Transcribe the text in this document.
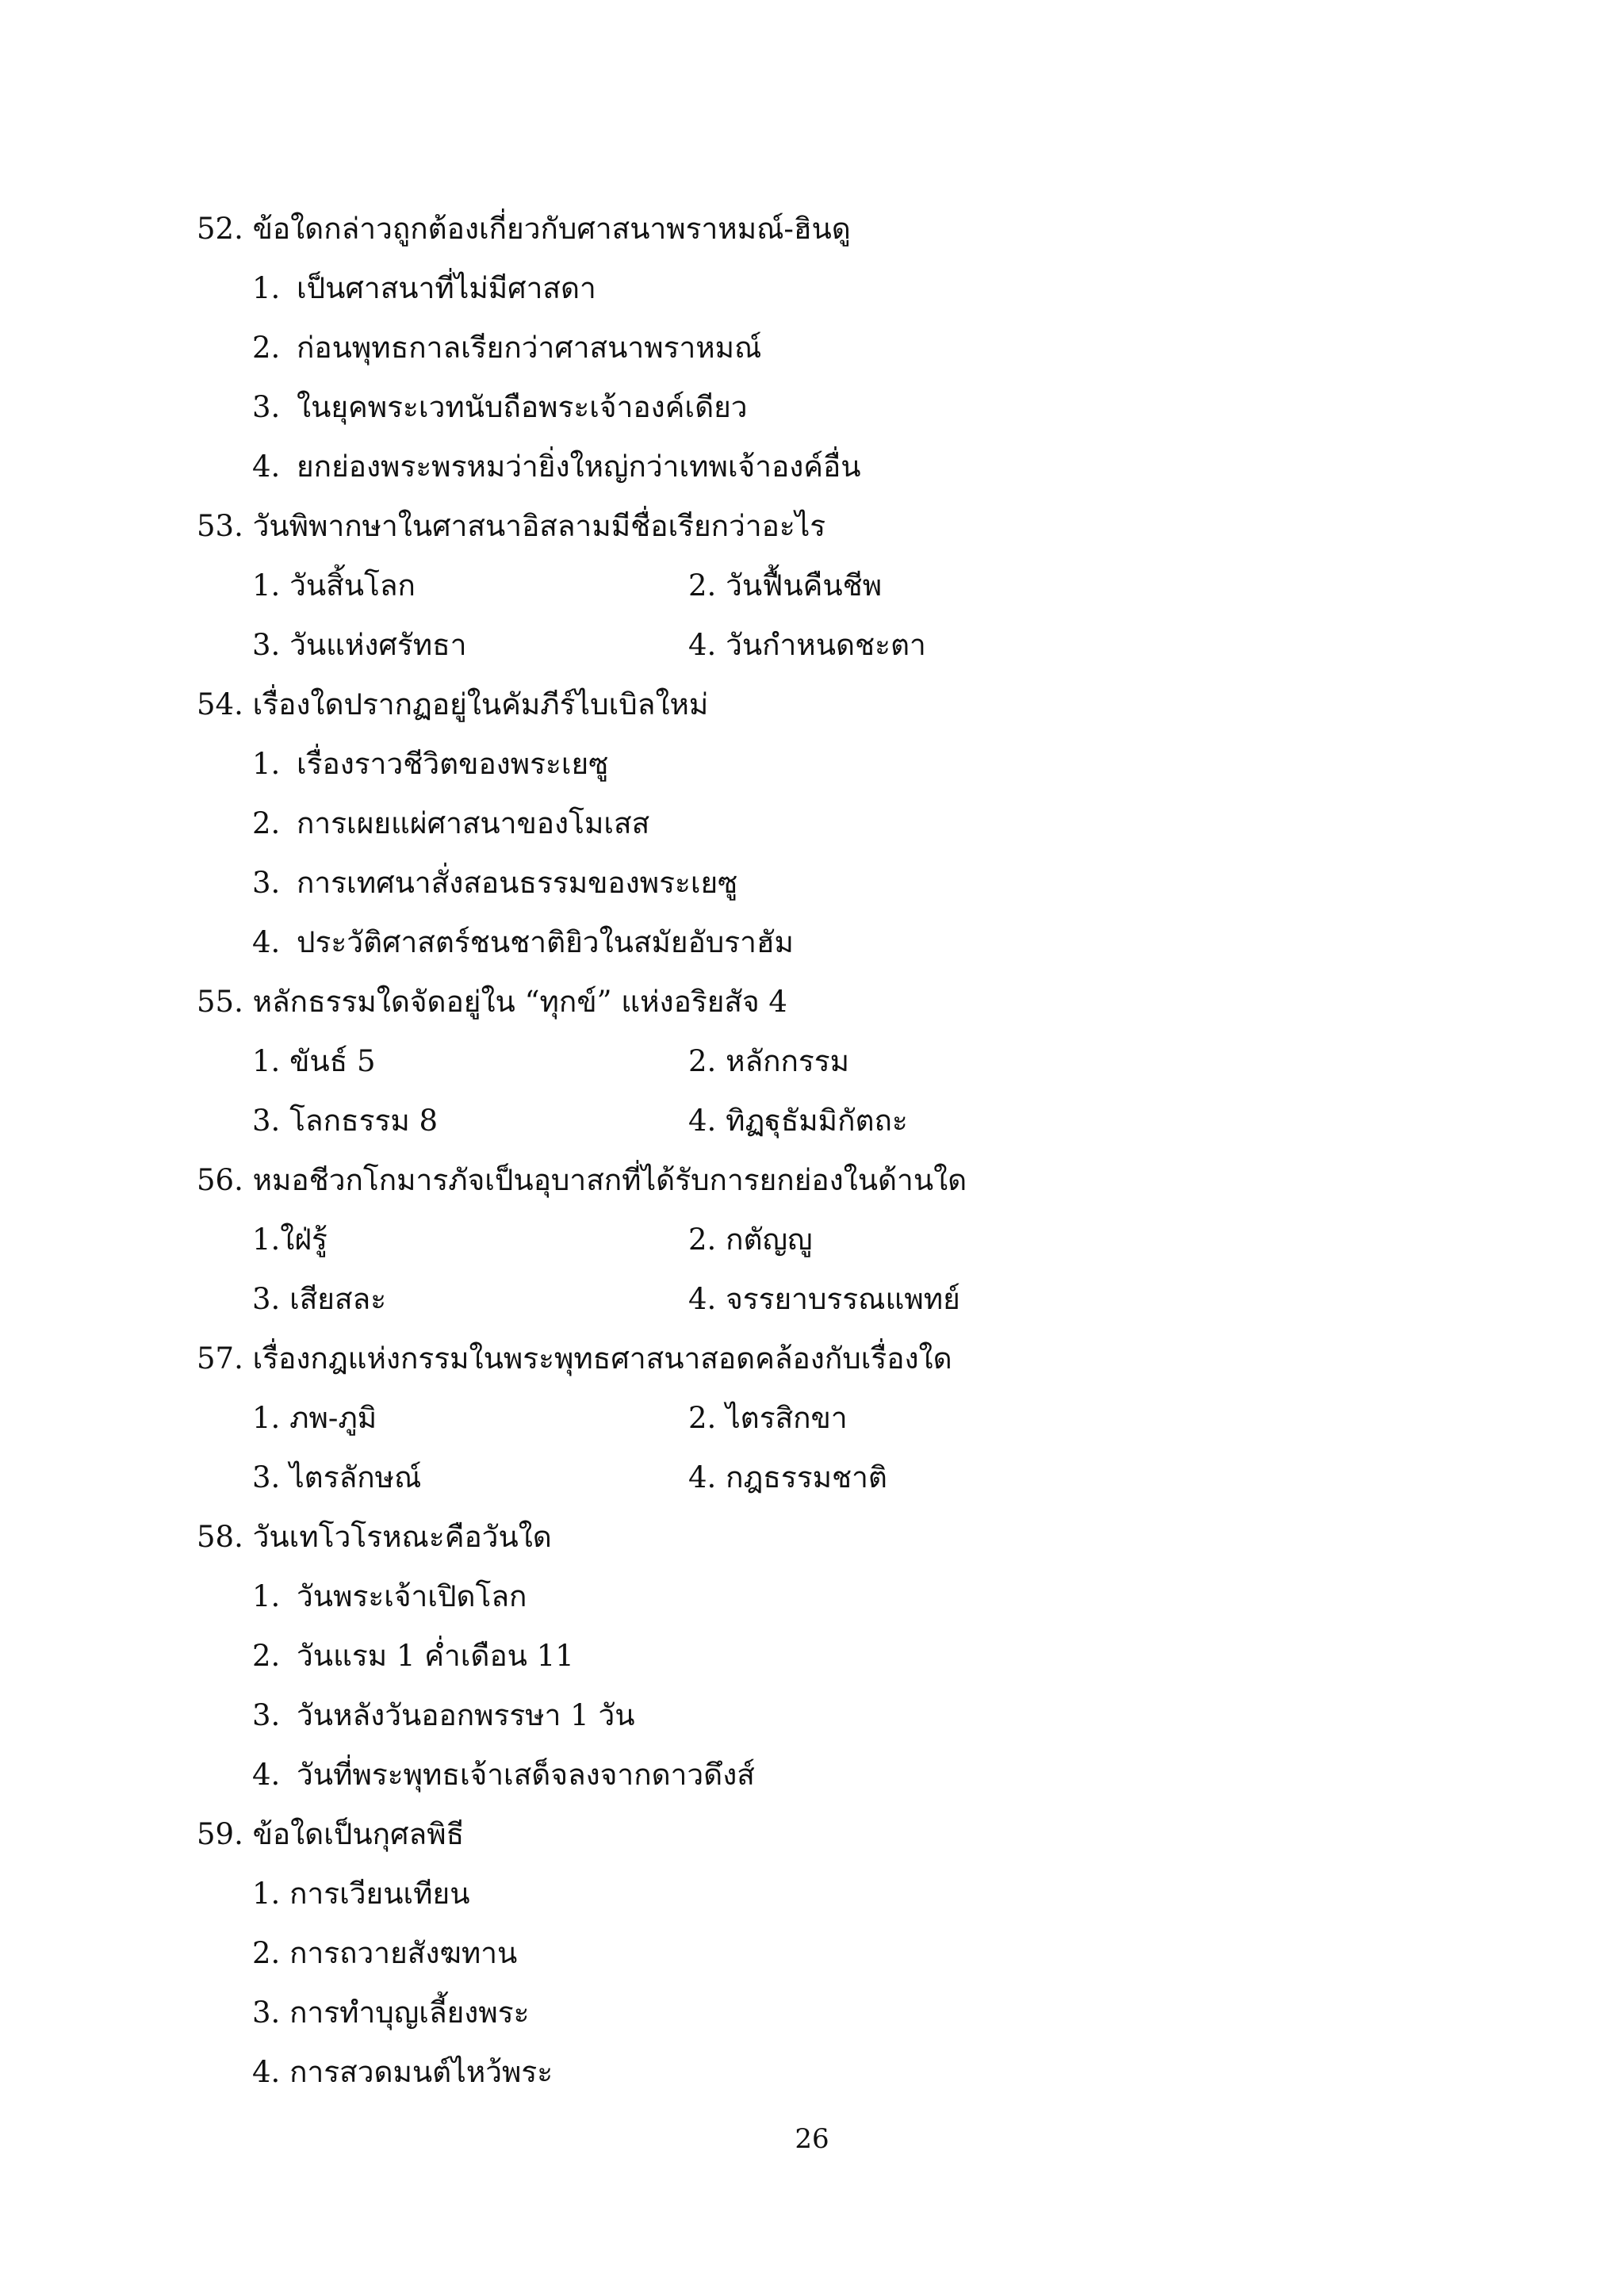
52. ข้อใดกล่าวถูกต้องเกี่ยวกับศาสนาพราหมณ์-ฮินดู
1. เป็นศาสนาที่ไม่มีศาสดา
2. ก่อนพุทธกาลเรียกว่าศาสนาพราหมณ์
3. ในยุคพระเวทนับถือพระเจ้าองค์เดียว
4. ยกย่องพระพรหมว่ายิ่งใหญ่กว่าเทพเจ้าองค์อื่น
53. วันพิพากษาในศาสนาอิสลามมีชื่อเรียกว่าอะไร
1. วันสิ้นโลก	2. วันฟื้นคืนชีพ
3. วันแห่งศรัทธา	4. วันกำหนดชะตา
54. เรื่องใดปรากฏอยู่ในคัมภีร์ไบเบิลใหม่
1. เรื่องราวชีวิตของพระเยซู
2. การเผยแผ่ศาสนาของโมเสส
3. การเทศนาสั่งสอนธรรมของพระเยซู
4. ประวัติศาสตร์ชนชาติยิวในสมัยอับราฮัม
55. หลักธรรมใดจัดอยู่ใน “ทุกข์” แห่งอริยสัจ 4
1. ขันธ์ 5	2. หลักกรรม
3. โลกธรรม 8	4. ทิฏฐุธัมมิกัตถะ
56. หมอชีวกโกมารภัจเป็นอุบาสกที่ได้รับการยกย่องในด้านใด
1.ใฝ่รู้	2. กตัญญู
3. เสียสละ	4. จรรยาบรรณแพทย์
57. เรื่องกฎแห่งกรรมในพระพุทธศาสนาสอดคล้องกับเรื่องใด
1. ภพ-ภูมิ	2. ไตรสิกขา
3. ไตรลักษณ์	4. กฎธรรมชาติ
58. วันเทโวโรหณะคือวันใด
1. วันพระเจ้าเปิดโลก
2. วันแรม 1 ค่ำเดือน 11
3. วันหลังวันออกพรรษา 1 วัน
4. วันที่พระพุทธเจ้าเสด็จลงจากดาวดึงส์
59. ข้อใดเป็นกุศลพิธี
1. การเวียนเทียน
2. การถวายสังฆทาน
3. การทำบุญเลี้ยงพระ
4. การสวดมนต์ไหว้พระ
26
